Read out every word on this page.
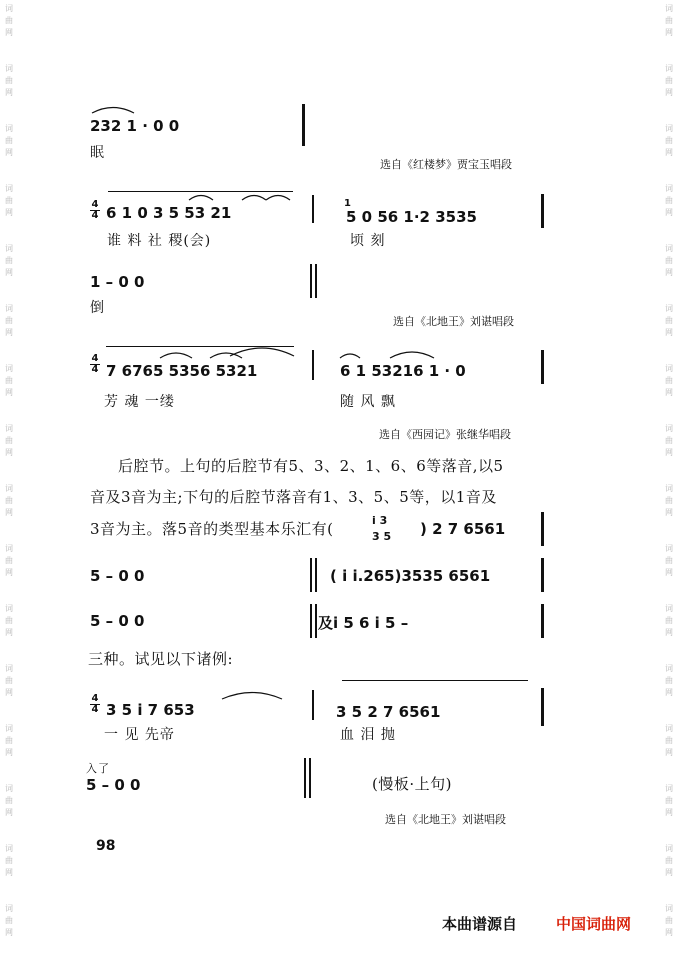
词
曲
网
词
曲
网
词
曲
网
词
曲
网
词
曲
网
词
曲
网
词
曲
网
词
曲
网
词
曲
网
词
曲
网
词
曲
网
词
曲
网
词
曲
网
词
曲
网
词
曲
网
词
曲
网
词
曲
网
词
曲
网
词
曲
网
词
曲
网
词
曲
网
词
曲
网
词
曲
网
词
曲
网
词
曲
网
词
曲
网
词
曲
网
词
曲
网
词
曲
网
词
曲
网
词
曲
网
词
曲
网
232 1 · 0 0
眠
选自《红楼梦》贾宝玉唱段
4
4 6 1 0 3 5 53 21
1
5 0 56 1·2 3535
谁 料 社 稷(会)	顷 刻
1 – 0 0
倒
选自《北地王》刘谌唱段
4
4 7 6765 5356 5321	6 1 53216 1 · 0
芳 魂 一缕	随 风 飘
选自《西园记》张继华唱段
后腔节。上句的后腔节有5、3、2、1、6、6等落音,以5
音及3音为主;下句的后腔节落音有1、3、5、5等，以1音及
3音为主。落5音的类型基本乐汇有(	i 3
3 5 ) 2 7 6561
5 – 0 0	( i i.265)3535 6561
5 – 0 0	及i 5 6 i 5 –
三种。试见以下诸例:
4
4 3 5 i 7 653	3 5 2 7 6561
一 见 先帝	血 泪 抛
入了
5 – 0 0	(慢板·上句)
选自《北地王》刘谌唱段
98
本曲谱源自	中国词曲网
